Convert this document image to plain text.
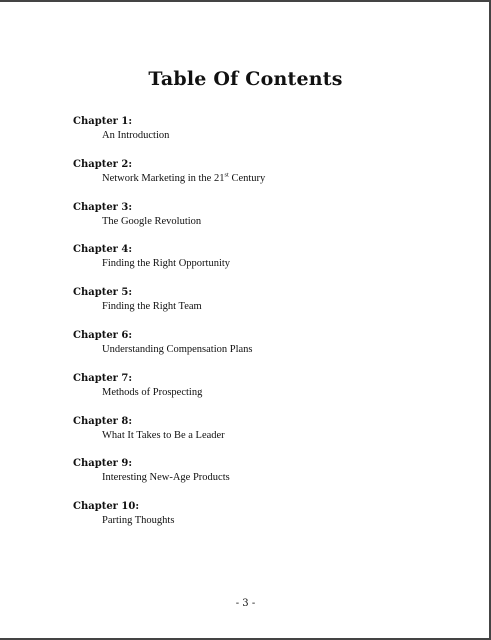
Table Of Contents
Chapter 1:
An Introduction
Chapter 2:
Network Marketing in the 21st Century
Chapter 3:
The Google Revolution
Chapter 4:
Finding the Right Opportunity
Chapter 5:
Finding the Right Team
Chapter 6:
Understanding Compensation Plans
Chapter 7:
Methods of Prospecting
Chapter 8:
What It Takes to Be a Leader
Chapter 9:
Interesting New-Age Products
Chapter 10:
Parting Thoughts
- 3 -
